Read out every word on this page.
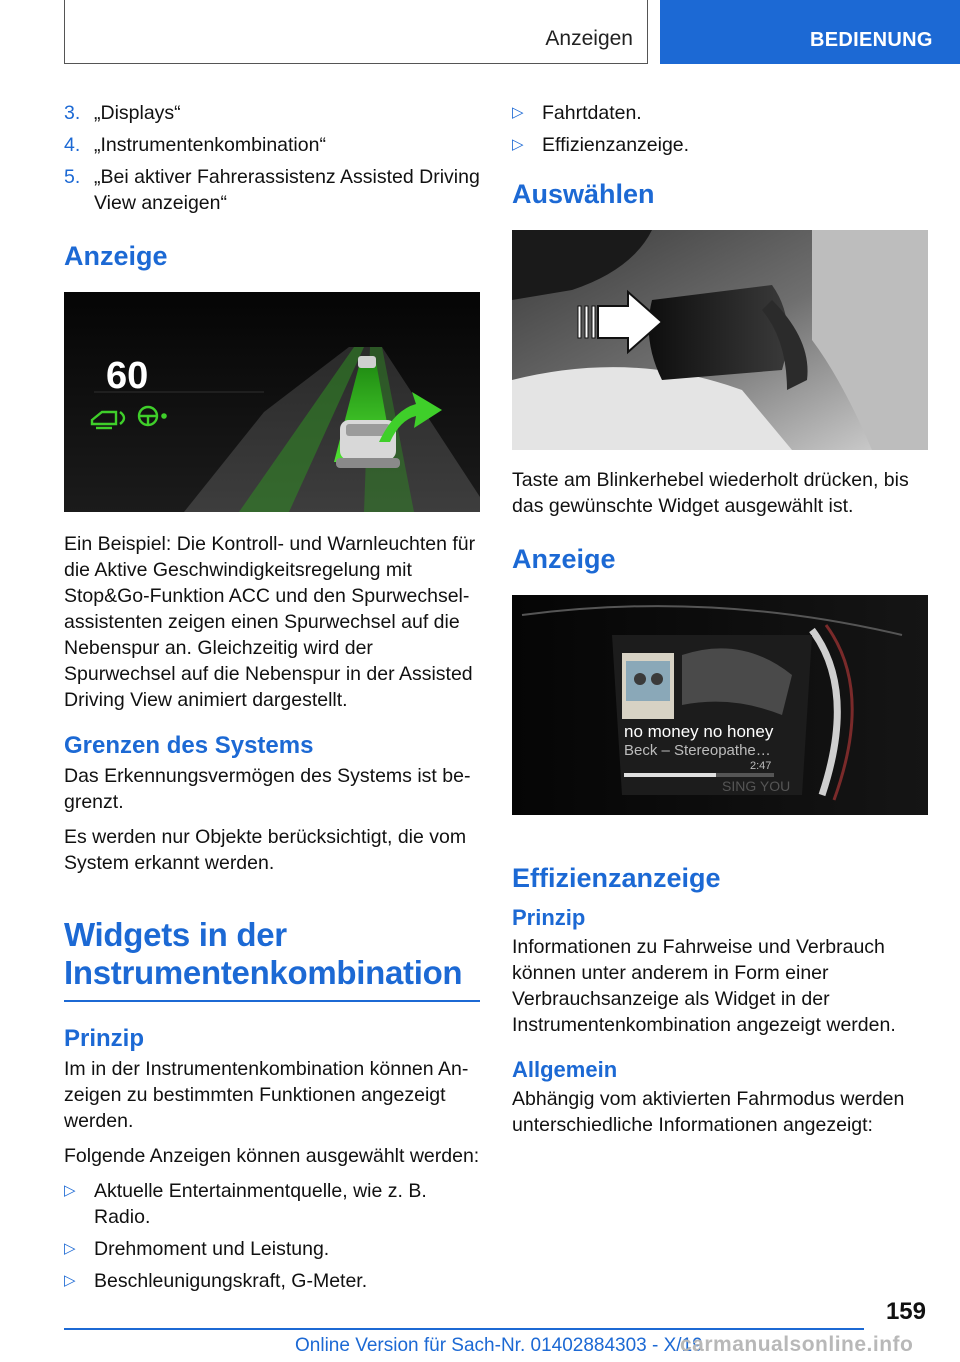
Anzeigen	BEDIENUNG
3. „Displays“
4. „Instrumentenkombination“
5. „Bei aktiver Fahrerassistenz Assisted Driving View anzeigen“
Anzeige
60

Ein Beispiel: Die Kontroll- und Warnleuchten für die Aktive Geschwindigkeitsregelung mit Stop&Go-Funktion ACC und den Spurwechselassistenten zeigen einen Spurwechsel auf die Nebenspur an. Gleichzeitig wird der Spurwechsel auf die Nebenspur in der Assisted Driving View animiert dargestellt.

Grenzen des Systems

Das Erkennungsvermögen des Systems ist begrenzt.

Es werden nur Objekte berücksichtigt, die vom System erkannt werden.

Widgets in der Instrumentenkombination
Prinzip

Im in der Instrumentenkombination können Anzeigen zu bestimmten Funktionen angezeigt werden.

Folgende Anzeigen können ausgewählt werden:

▷ Aktuelle Entertainmentquelle, wie z. B. Radio.
▷ Drehmoment und Leistung.
▷ Beschleunigungskraft, G-Meter.
▷ Fahrtdaten.
▷ Effizienzanzeige.
Auswählen

Taste am Blinkerhebel wiederholt drücken, bis das gewünschte Widget ausgewählt ist.

Anzeige
no money no honey
Beck – Stereopathe…
2:47
SING YOU
Effizienzanzeige
Prinzip

Informationen zu Fahrweise und Verbrauch können unter anderem in Form einer Verbrauchsanzeige als Widget in der Instrumentenkombination angezeigt werden.

Allgemein

Abhängig vom aktivierten Fahrmodus werden unterschiedliche Informationen angezeigt:

159
Online Version für Sach-Nr. 01402884303 - X/19
carmanualsonline.info
